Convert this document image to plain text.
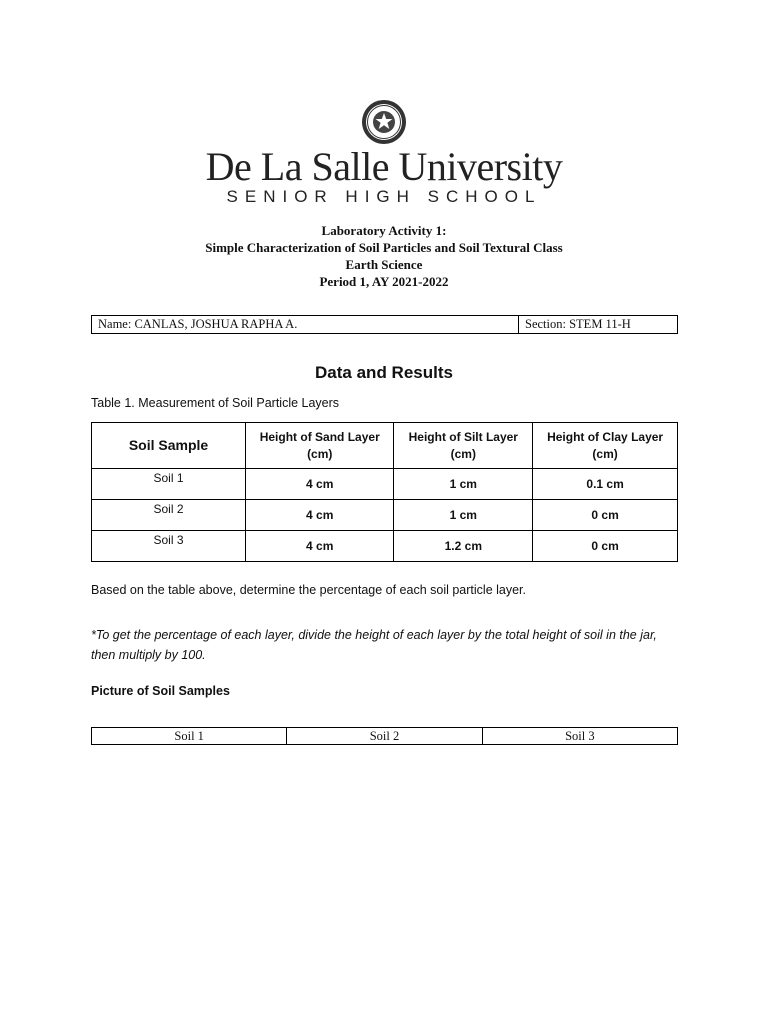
De La Salle University
SENIOR HIGH SCHOOL
Laboratory Activity 1:
Simple Characterization of Soil Particles and Soil Textural Class
Earth Science
Period 1, AY 2021-2022
Name: CANLAS, JOSHUA RAPHA A.	Section: STEM 11-H
Data and Results
Table 1. Measurement of Soil Particle Layers
Soil Sample	Height of Sand Layer (cm)	Height of Silt Layer (cm)	Height of Clay Layer (cm)
Soil 1	4 cm	1 cm	0.1 cm
Soil 2	4 cm	1 cm	0 cm
Soil 3	4 cm	1.2 cm	0 cm
Based on the table above, determine the percentage of each soil particle layer.
*To get the percentage of each layer, divide the height of each layer by the total height of soil in the jar, then multiply by 100.
Picture of Soil Samples
Soil 1	Soil 2	Soil 3
